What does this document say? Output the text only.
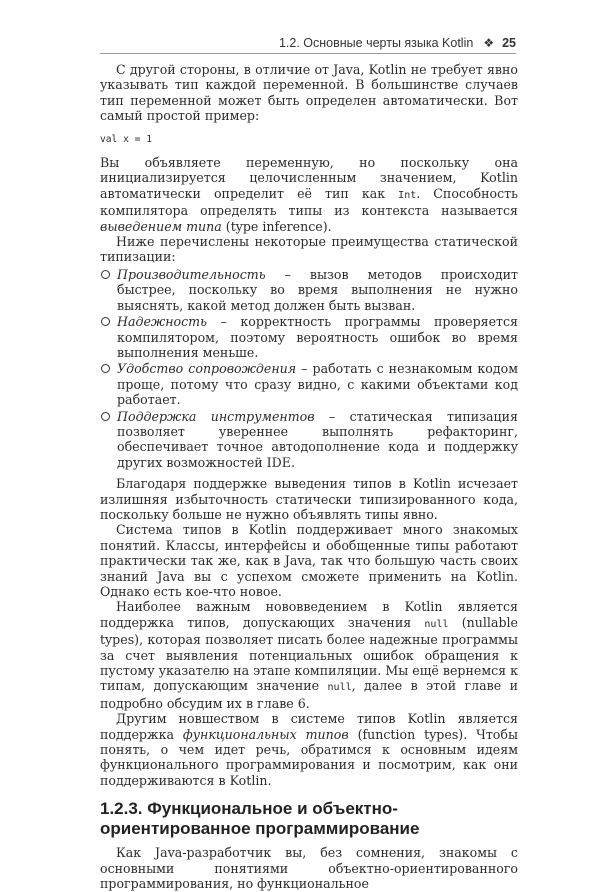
1.2. Основные черты языка Kotlin ❖ 25

С другой стороны, в отличие от Java, Kotlin не требует явно указывать тип каждой переменной. В большинстве случаев тип переменной может быть определен автоматически. Вот самый простой пример:

val x = 1

Вы объявляете переменную, но поскольку она инициализируется целочисленным значением, Kotlin автоматически определит её тип как Int. Способность компилятора определять типы из контекста называется выведением типа (type inference).

Ниже перечислены некоторые преимущества статической типизации:

Производительность – вызов методов происходит быстрее, поскольку во время выполнения не нужно выяснять, какой метод должен быть вызван.
Надежность – корректность программы проверяется компилятором, поэтому вероятность ошибок во время выполнения меньше.
Удобство сопровождения – работать с незнакомым кодом проще, потому что сразу видно, с какими объектами код работает.
Поддержка инструментов – статическая типизация позволяет увереннее выполнять рефакторинг, обеспечивает точное автодополнение кода и поддержку других возможностей IDE.

Благодаря поддержке выведения типов в Kotlin исчезает излишняя избыточность статически типизированного кода, поскольку больше не нужно объявлять типы явно.

Система типов в Kotlin поддерживает много знакомых понятий. Классы, интерфейсы и обобщенные типы работают практически так же, как в Java, так что большую часть своих знаний Java вы с успехом сможете применить на Kotlin. Однако есть кое-что новое.

Наиболее важным нововведением в Kotlin является поддержка типов, допускающих значения null (nullable types), которая позволяет писать более надежные программы за счет выявления потенциальных ошибок обращения к пустому указателю на этапе компиляции. Мы ещё вернемся к типам, допускающим значение null, далее в этой главе и подробно обсудим их в главе 6.

Другим новшеством в системе типов Kotlin является поддержка функциональных типов (function types). Чтобы понять, о чем идет речь, обратимся к основным идеям функционального программирования и посмотрим, как они поддерживаются в Kotlin.

1.2.3. Функциональное и объектно-ориентированное программирование

Как Java-разработчик вы, без сомнения, знакомы с основными понятиями объектно-ориентированного программирования, но функциональное
